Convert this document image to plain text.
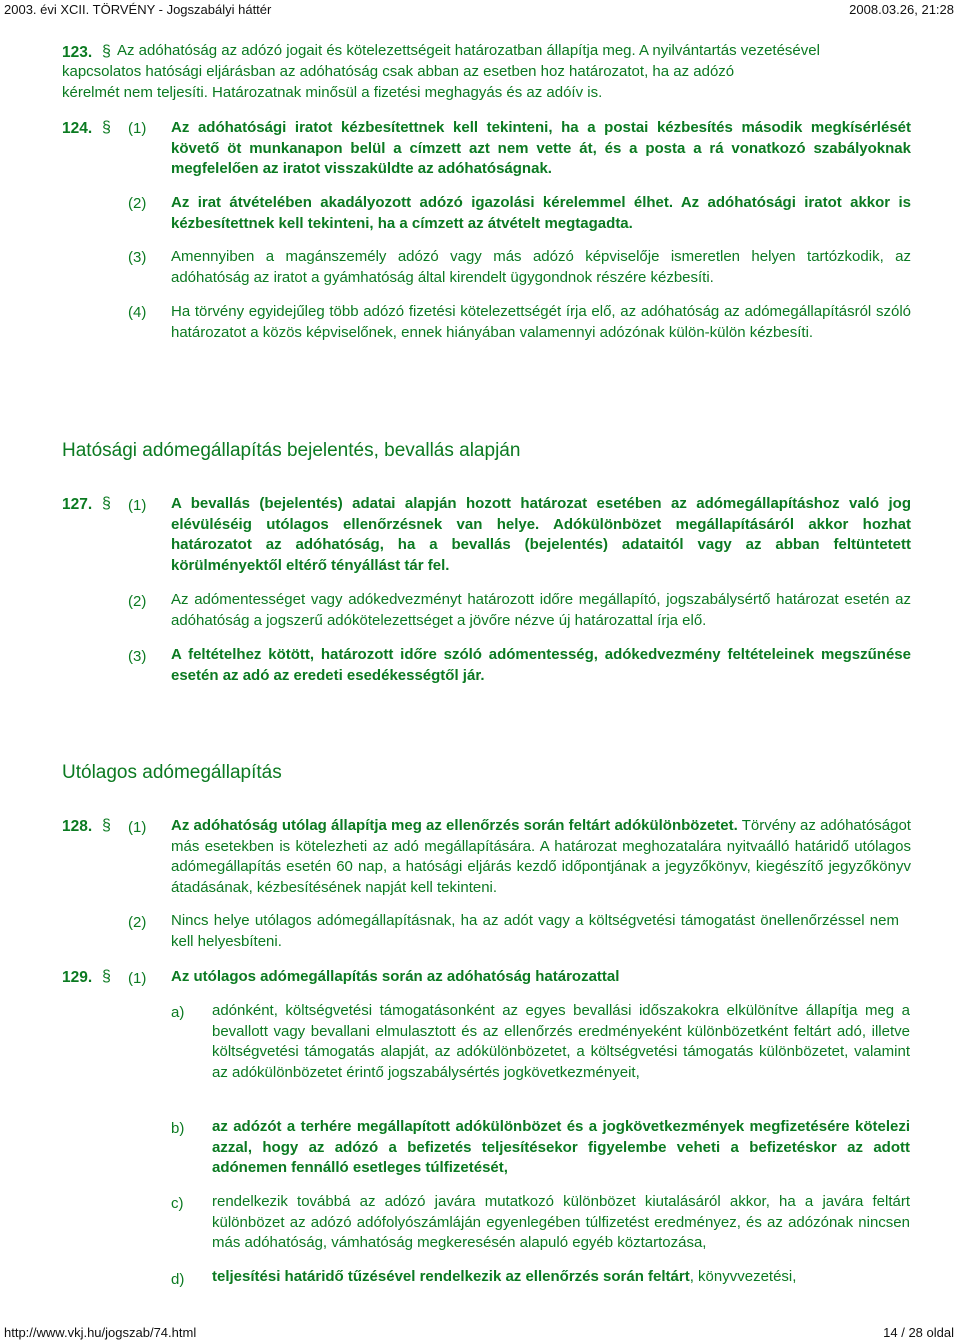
2003. évi XCII. TÖRVÉNY - Jogszabályi háttér	2008.03.26, 21:28
123. § Az adóhatóság az adózó jogait és kötelezettségeit határozatban állapítja meg. A nyilvántartás vezetésével
kapcsolatos hatósági eljárásban az adóhatóság csak abban az esetben hoz határozatot, ha az adózó
kérelmét nem teljesíti. Határozatnak minősül a fizetési meghagyás és az adóív is.
124. § (1) Az adóhatósági iratot kézbesítettnek kell tekinteni, ha a postai kézbesítés második megkísérlését követő öt munkanapon belül a címzett azt nem vette át, és a posta a rá vonatkozó szabályoknak megfelelően az iratot visszaküldte az adóhatóságnak.
(2) Az irat átvételében akadályozott adózó igazolási kérelemmel élhet. Az adóhatósági iratot akkor is kézbesítettnek kell tekinteni, ha a címzett az átvételt megtagadta.
(3) Amennyiben a magánszemély adózó vagy más adózó képviselője ismeretlen helyen tartózkodik, az adóhatóság az iratot a gyámhatóság által kirendelt ügygondnok részére kézbesíti.
(4) Ha törvény egyidejűleg több adózó fizetési kötelezettségét írja elő, az adóhatóság az adómegállapításról szóló határozatot a közös képviselőnek, ennek hiányában valamennyi adózónak külön-külön kézbesíti.
Hatósági adómegállapítás bejelentés, bevallás alapján
127. § (1) A bevallás (bejelentés) adatai alapján hozott határozat esetében az adómegállapításhoz való jog elévüléséig utólagos ellenőrzésnek van helye. Adókülönbözet megállapításáról akkor hozhat határozatot az adóhatóság, ha a bevallás (bejelentés) adataitól vagy az abban feltüntetett körülményektől eltérő tényállást tár fel.
(2) Az adómentességet vagy adókedvezményt határozott időre megállapító, jogszabálysértő határozat esetén az adóhatóság a jogszerű adókötelezettséget a jövőre nézve új határozattal írja elő.
(3) A feltételhez kötött, határozott időre szóló adómentesség, adókedvezmény feltételeinek megszűnése esetén az adó az eredeti esedékességtől jár.
Utólagos adómegállapítás
128. § (1) Az adóhatóság utólag állapítja meg az ellenőrzés során feltárt adókülönbözetet. Törvény az adóhatóságot más esetekben is kötelezheti az adó megállapítására. A határozat meghozatalára nyitvaálló határidő utólagos adómegállapítás esetén 60 nap, a hatósági eljárás kezdő időpontjának a jegyzőkönyv, kiegészítő jegyzőkönyv átadásának, kézbesítésének napját kell tekinteni.
(2) Nincs helye utólagos adómegállapításnak, ha az adót vagy a költségvetési támogatást önellenőrzéssel nem kell helyesbíteni.
129. § (1) Az utólagos adómegállapítás során az adóhatóság határozattal
a) adónként, költségvetési támogatásonként az egyes bevallási időszakokra elkülönítve állapítja meg a bevallott vagy bevallani elmulasztott és az ellenőrzés eredményeként különbözetként feltárt adó, illetve költségvetési támogatás alapját, az adókülönbözetet, a költségvetési támogatás különbözetet, valamint az adókülönbözetet érintő jogszabálysértés jogkövetkezményeit,
b) az adózót a terhére megállapított adókülönbözet és a jogkövetkezmények megfizetésére kötelezi azzal, hogy az adózó a befizetés teljesítésekor figyelembe veheti a befizetéskor az adott adónemen fennálló esetleges túlfizetését,
c) rendelkezik továbbá az adózó javára mutatkozó különbözet kiutalásáról akkor, ha a javára feltárt különbözet az adózó adófolyószámláján egyenlegében túlfizetést eredményez, és az adózónak nincsen más adóhatóság, vámhatóság megkeresésén alapuló egyéb köztartozása,
d) teljesítési határidő tűzésével rendelkezik az ellenőrzés során feltárt, könyvvezetési,
http://www.vkj.hu/jogszab/74.html	14 / 28 oldal
